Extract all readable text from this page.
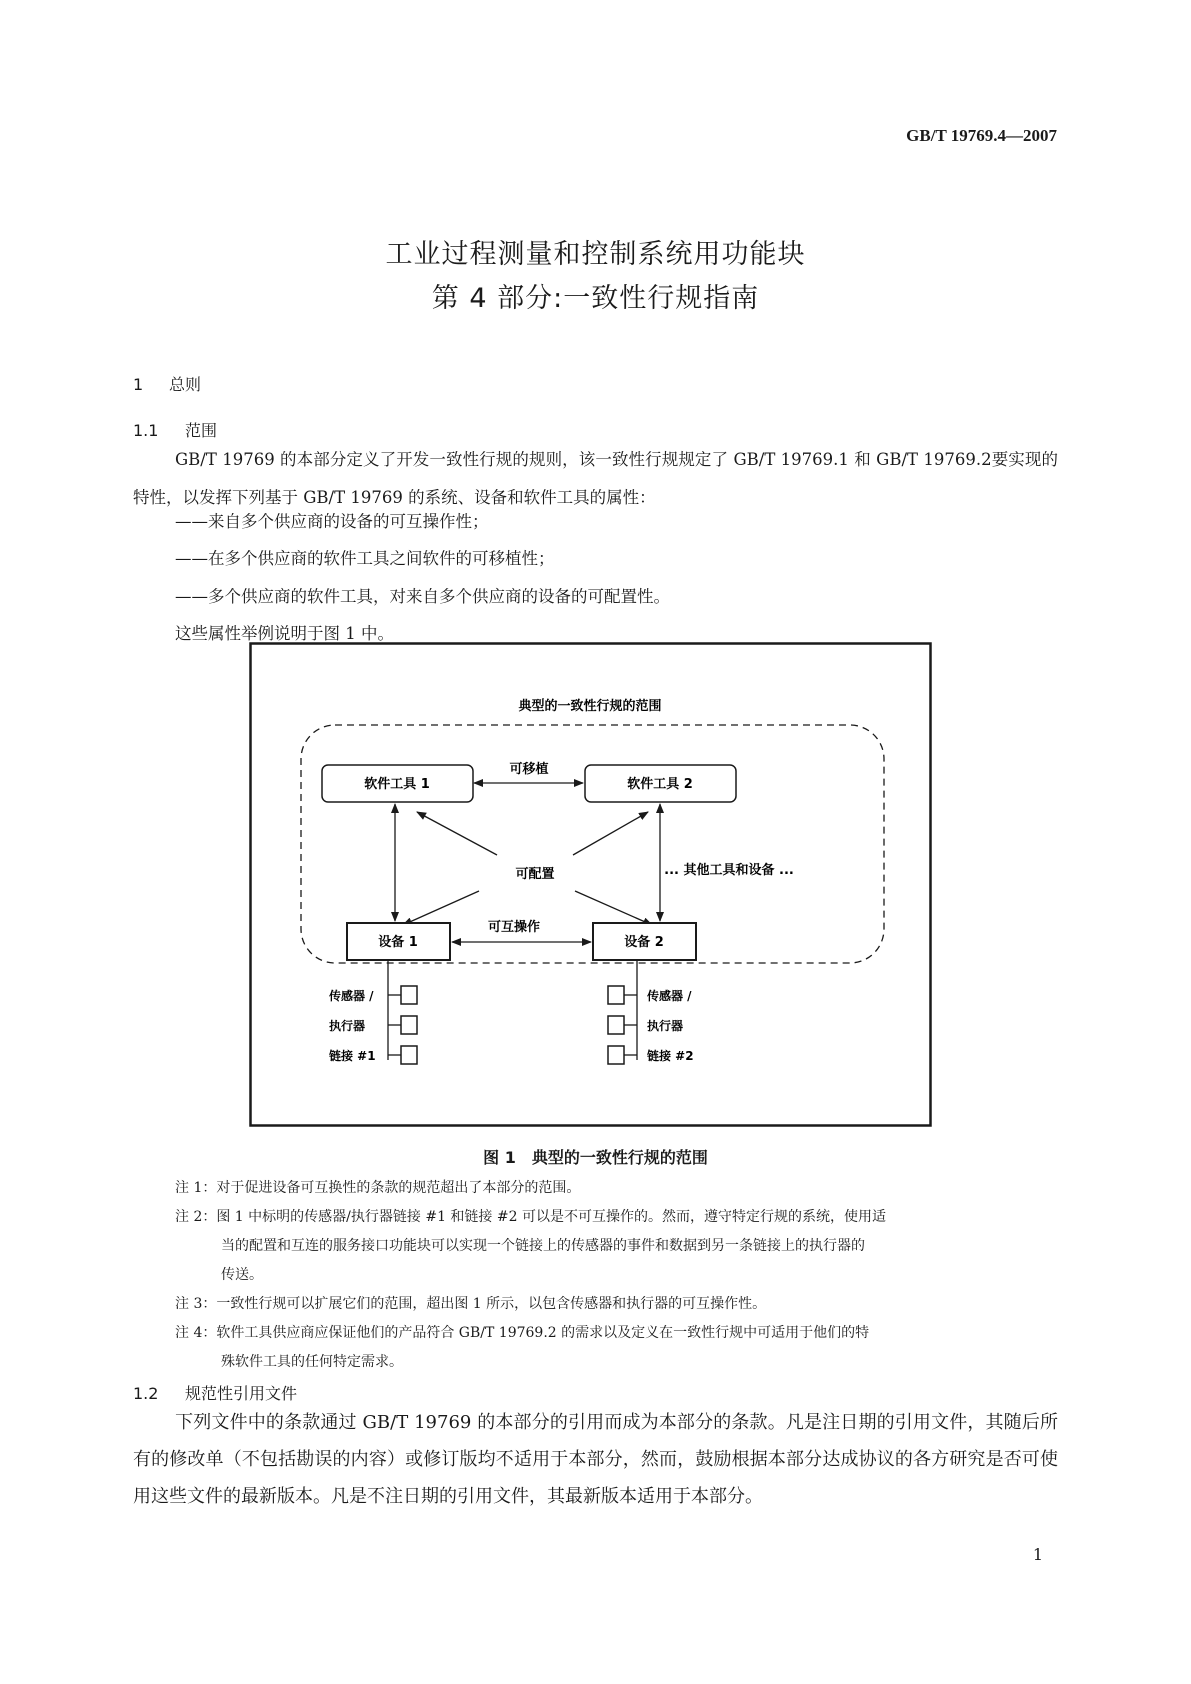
GB/T 19769.4—2007
工业过程测量和控制系统用功能块
第 4 部分:一致性行规指南
1 总则
1.1 范围
GB/T 19769 的本部分定义了开发一致性行规的规则，该一致性行规规定了 GB/T 19769.1 和 GB/T 19769.2要实现的特性，以发挥下列基于 GB/T 19769 的系统、设备和软件工具的属性：
——来自多个供应商的设备的可互操作性；
——在多个供应商的软件工具之间软件的可移植性；
——多个供应商的软件工具，对来自多个供应商的设备的可配置性。
这些属性举例说明于图 1 中。
典型的一致性行规的范围
软件工具 1	软件工具 2
可移植
可配置	... 其他工具和设备 ...
设备 1	设备 2
可互操作
传感器 /
执行器
链接 #1
传感器 /
执行器
链接 #2
图 1　典型的一致性行规的范围
注 1：对于促进设备可互换性的条款的规范超出了本部分的范围。
注 2：图 1 中标明的传感器/执行器链接 #1 和链接 #2 可以是不可互操作的。然而，遵守特定行规的系统，使用适
当的配置和互连的服务接口功能块可以实现一个链接上的传感器的事件和数据到另一条链接上的执行器的
传送。
注 3：一致性行规可以扩展它们的范围，超出图 1 所示，以包含传感器和执行器的可互操作性。
注 4：软件工具供应商应保证他们的产品符合 GB/T 19769.2 的需求以及定义在一致性行规中可适用于他们的特
殊软件工具的任何特定需求。
1.2 规范性引用文件
下列文件中的条款通过 GB/T 19769 的本部分的引用而成为本部分的条款。凡是注日期的引用文件，其随后所有的修改单（不包括勘误的内容）或修订版均不适用于本部分，然而，鼓励根据本部分达成协议的各方研究是否可使用这些文件的最新版本。凡是不注日期的引用文件，其最新版本适用于本部分。
1
